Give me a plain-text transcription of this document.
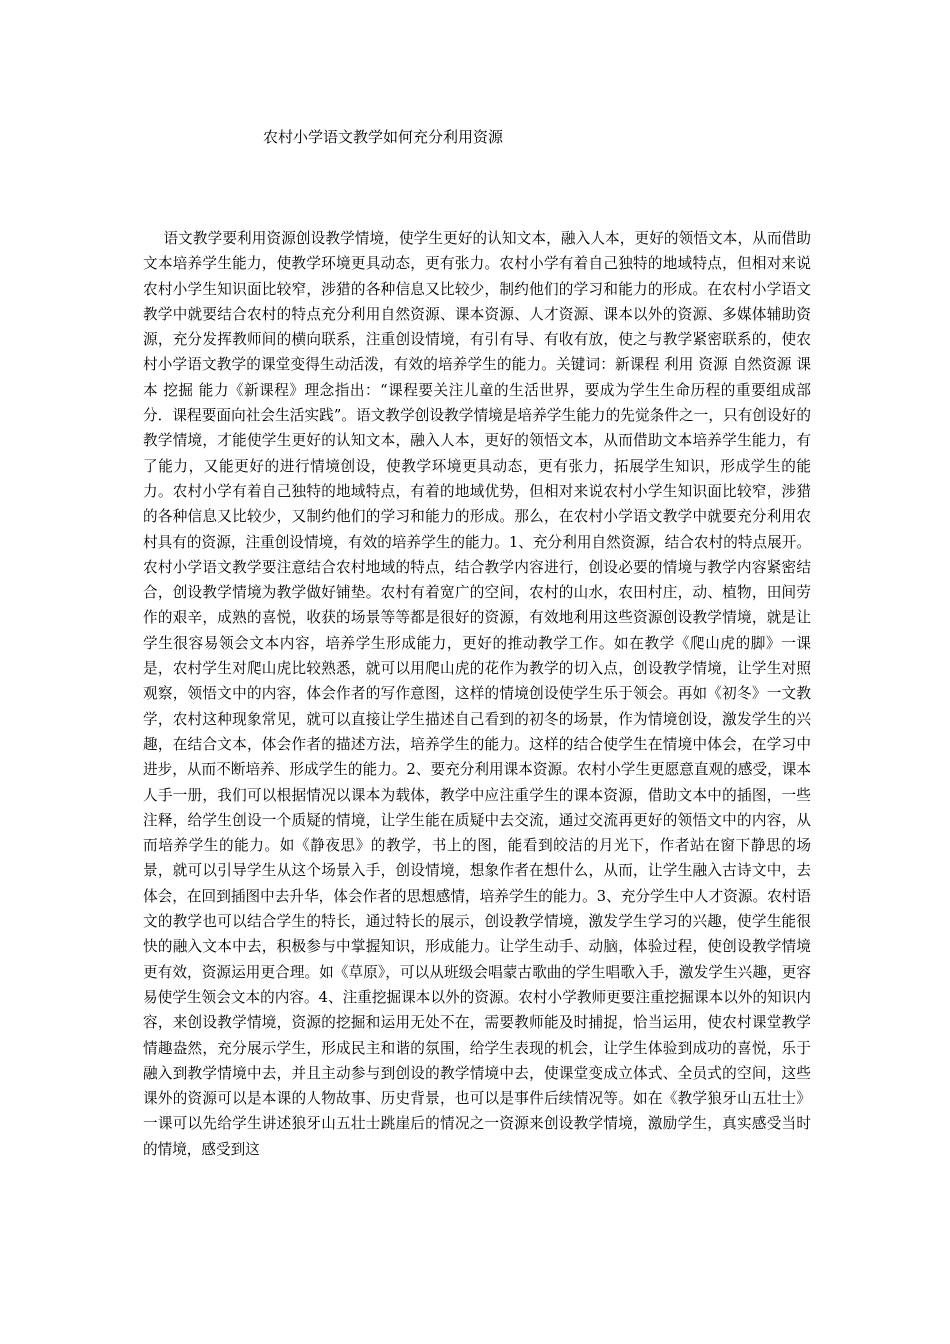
农村小学语文教学如何充分利用资源

语文教学要利用资源创设教学情境，使学生更好的认知文本，融入人本，更好的领悟文本，从而借助文本培养学生能力，使教学环境更具动态，更有张力。农村小学有着自己独特的地域特点，但相对来说农村小学生知识面比较窄，涉猎的各种信息又比较少，制约他们的学习和能力的形成。在农村小学语文教学中就要结合农村的特点充分利用自然资源、课本资源、人才资源、课本以外的资源、多媒体辅助资源，充分发挥教师间的横向联系，注重创设情境，有引有导、有收有放，使之与教学紧密联系的，使农村小学语文教学的课堂变得生动活泼，有效的培养学生的能力。关键词：新课程 利用 资源 自然资源 课本 挖掘 能力《新课程》理念指出：“课程要关注儿童的生活世界，要成为学生生命历程的重要组成部分．课程要面向社会生活实践”。语文教学创设教学情境是培养学生能力的先觉条件之一，只有创设好的教学情境，才能使学生更好的认知文本，融入人本，更好的领悟文本，从而借助文本培养学生能力，有了能力，又能更好的进行情境创设，使教学环境更具动态，更有张力，拓展学生知识，形成学生的能力。农村小学有着自己独特的地域特点，有着的地域优势，但相对来说农村小学生知识面比较窄，涉猎的各种信息又比较少，又制约他们的学习和能力的形成。那么，在农村小学语文教学中就要充分利用农村具有的资源，注重创设情境，有效的培养学生的能力。1、充分利用自然资源，结合农村的特点展开。农村小学语文教学要注意结合农村地域的特点，结合教学内容进行，创设必要的情境与教学内容紧密结合，创设教学情境为教学做好铺垫。农村有着宽广的空间，农村的山水，农田村庄，动、植物，田间劳作的艰辛，成熟的喜悦，收获的场景等等都是很好的资源，有效地利用这些资源创设教学情境，就是让学生很容易领会文本内容，培养学生形成能力，更好的推动教学工作。如在教学《爬山虎的脚》一课是，农村学生对爬山虎比较熟悉，就可以用爬山虎的花作为教学的切入点，创设教学情境，让学生对照观察，领悟文中的内容，体会作者的写作意图，这样的情境创设使学生乐于领会。再如《初冬》一文教学，农村这种现象常见，就可以直接让学生描述自己看到的初冬的场景，作为情境创设，激发学生的兴趣，在结合文本，体会作者的描述方法，培养学生的能力。这样的结合使学生在情境中体会，在学习中进步，从而不断培养、形成学生的能力。2、要充分利用课本资源。农村小学生更愿意直观的感受，课本人手一册，我们可以根据情况以课本为载体，教学中应注重学生的课本资源，借助文本中的插图，一些注释，给学生创设一个质疑的情境，让学生能在质疑中去交流，通过交流再更好的领悟文中的内容，从而培养学生的能力。如《静夜思》的教学，书上的图，能看到皎洁的月光下，作者站在窗下静思的场景，就可以引导学生从这个场景入手，创设情境，想象作者在想什么，从而，让学生融入古诗文中，去体会，在回到插图中去升华，体会作者的思想感情，培养学生的能力。3、充分学生中人才资源。农村语文的教学也可以结合学生的特长，通过特长的展示，创设教学情境，激发学生学习的兴趣，使学生能很快的融入文本中去，积极参与中掌握知识，形成能力。让学生动手、动脑，体验过程，使创设教学情境更有效，资源运用更合理。如《草原》，可以从班级会唱蒙古歌曲的学生唱歌入手，激发学生兴趣，更容易使学生领会文本的内容。4、注重挖掘课本以外的资源。农村小学教师更要注重挖掘课本以外的知识内容，来创设教学情境，资源的挖掘和运用无处不在，需要教师能及时捕捉，恰当运用，使农村课堂教学情趣盎然，充分展示学生，形成民主和谐的氛围，给学生表现的机会，让学生体验到成功的喜悦，乐于融入到教学情境中去，并且主动参与到创设的教学情境中去，使课堂变成立体式、全员式的空间，这些课外的资源可以是本课的人物故事、历史背景，也可以是事件后续情况等。如在《教学狼牙山五壮士》一课可以先给学生讲述狼牙山五壮士跳崖后的情况之一资源来创设教学情境，激励学生，真实感受当时的情境，感受到这
